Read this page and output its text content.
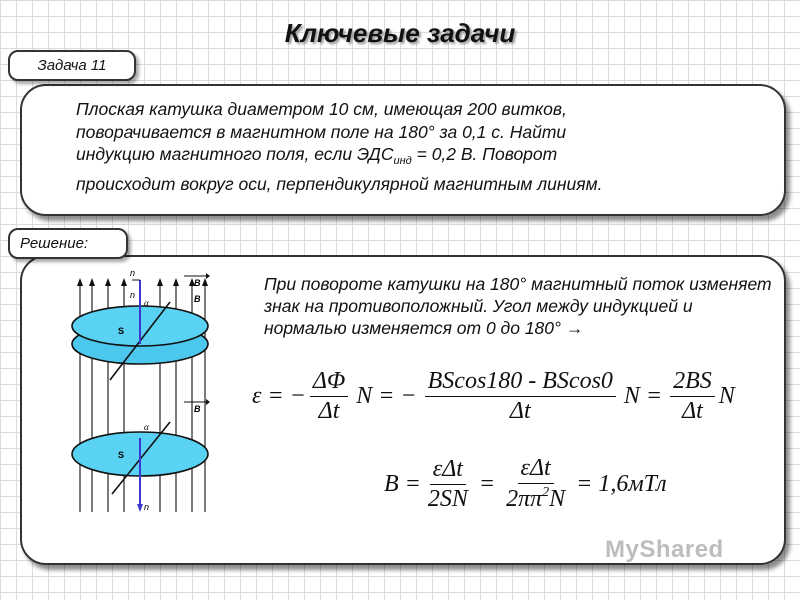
Ключевые задачи
Задача 11
Плоская катушка диаметром 10 см, имеющая 200 витков,
поворачивается в магнитном поле на 180° за 0,1 с. Найти
индукцию магнитного поля, если $ЭДС_{инд} = 0,2$ В. Поворот
происходит вокруг оси, перпендикулярной магнитным линиям.
Решение:
При повороте катушки на 180° магнитный поток изменяет знак на противоположный. Угол между индукцией и нормалью изменяется от 0 до 180° →
ε = − $\frac{\Delta\Phi}{\Delta t}$ N = − $\frac{BScos180 - BScos0}{\Delta t}$ $N = \frac{2BS}{\Delta t}$ N
$B = \frac{\text{εΔt}}{2SN} = \frac{\text{εΔt}}{2\pi\pi^2N} = 1,6мТл$
n
n
B
B
α
S
B
α
S
n
MyShared
